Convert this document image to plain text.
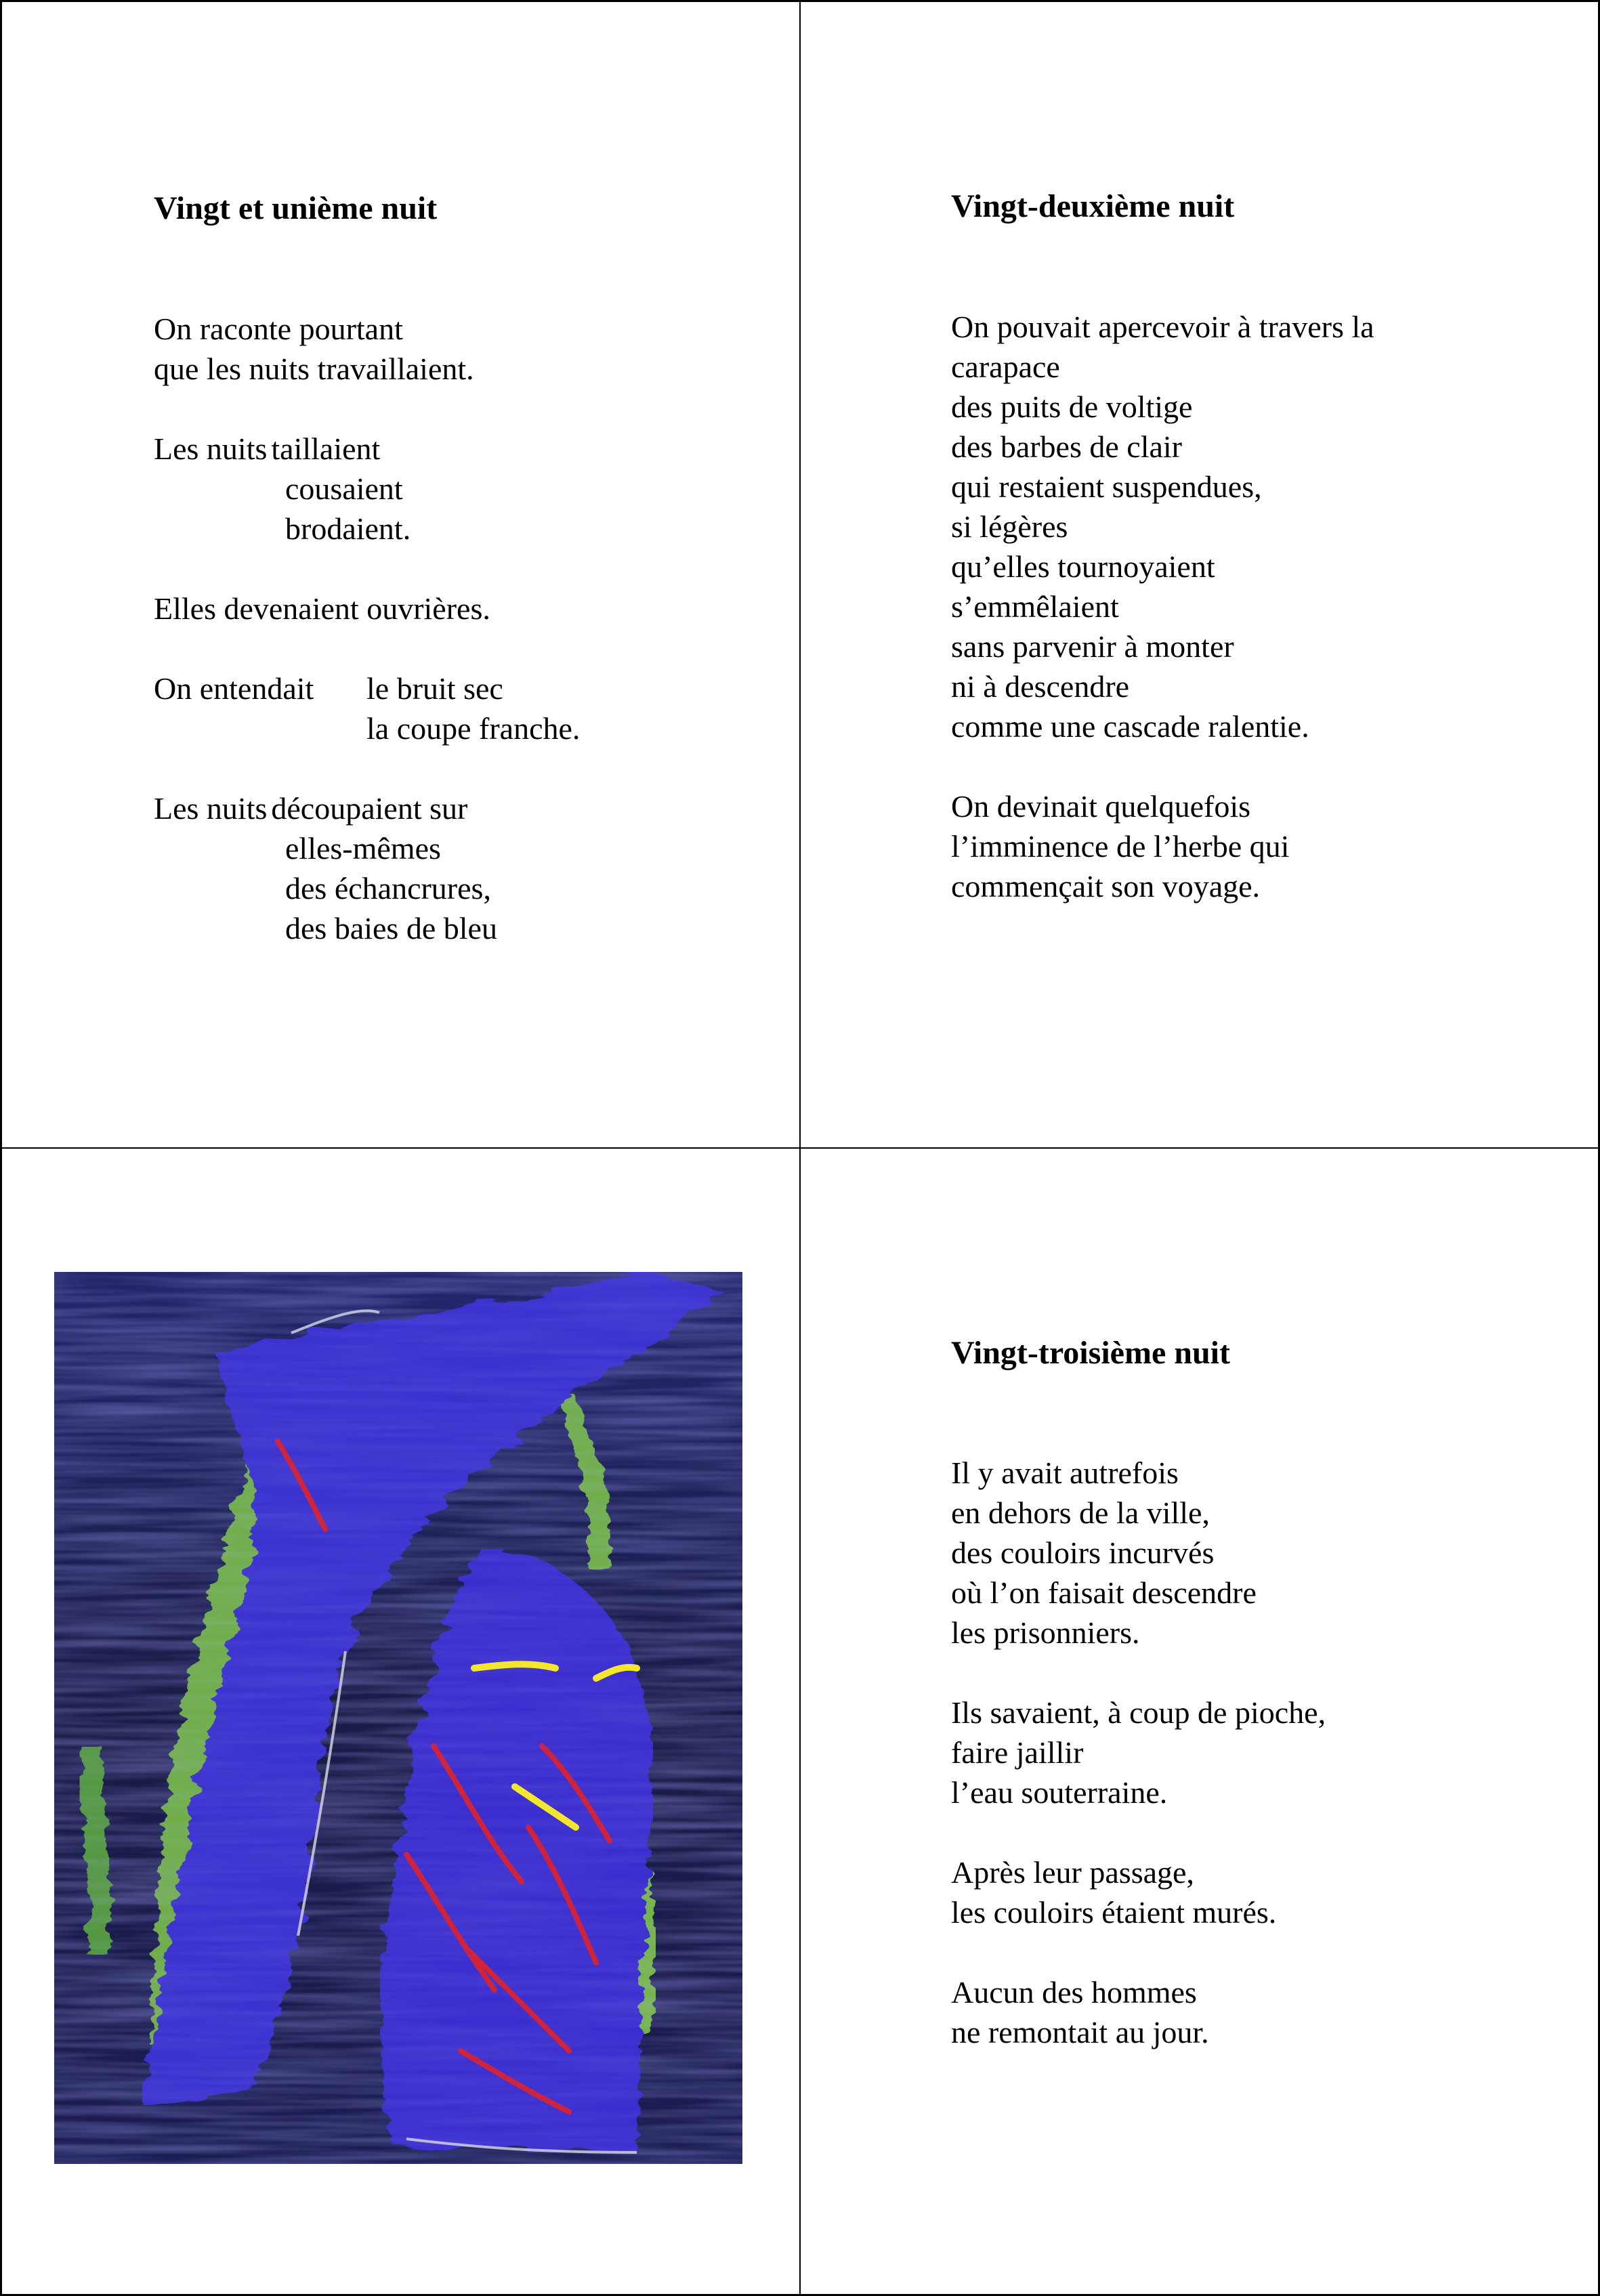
Vingt et unième nuit
On raconte pourtant
que les nuits travaillaient.
Les nuits taillaient
cousaient
brodaient.
Elles devenaient ouvrières.
On entendait	le bruit sec
la coupe franche.
Les nuits découpaient sur
elles-mêmes
des échancrures,
des baies de bleu
Vingt-deuxième nuit
On pouvait apercevoir à travers la
carapace
des puits de voltige
des barbes de clair
qui restaient suspendues,
si légères
qu’elles tournoyaient
s’emmêlaient
sans parvenir à monter
ni à descendre
comme une cascade ralentie.
On devinait quelquefois
l’imminence de l’herbe qui
commençait son voyage.
Vingt-troisième nuit
Il y avait autrefois
en dehors de la ville,
des couloirs incurvés
où l’on faisait descendre
les prisonniers.
Ils savaient, à coup de pioche,
faire jaillir
l’eau souterraine.
Après leur passage,
les couloirs étaient murés.
Aucun des hommes
ne remontait au jour.
